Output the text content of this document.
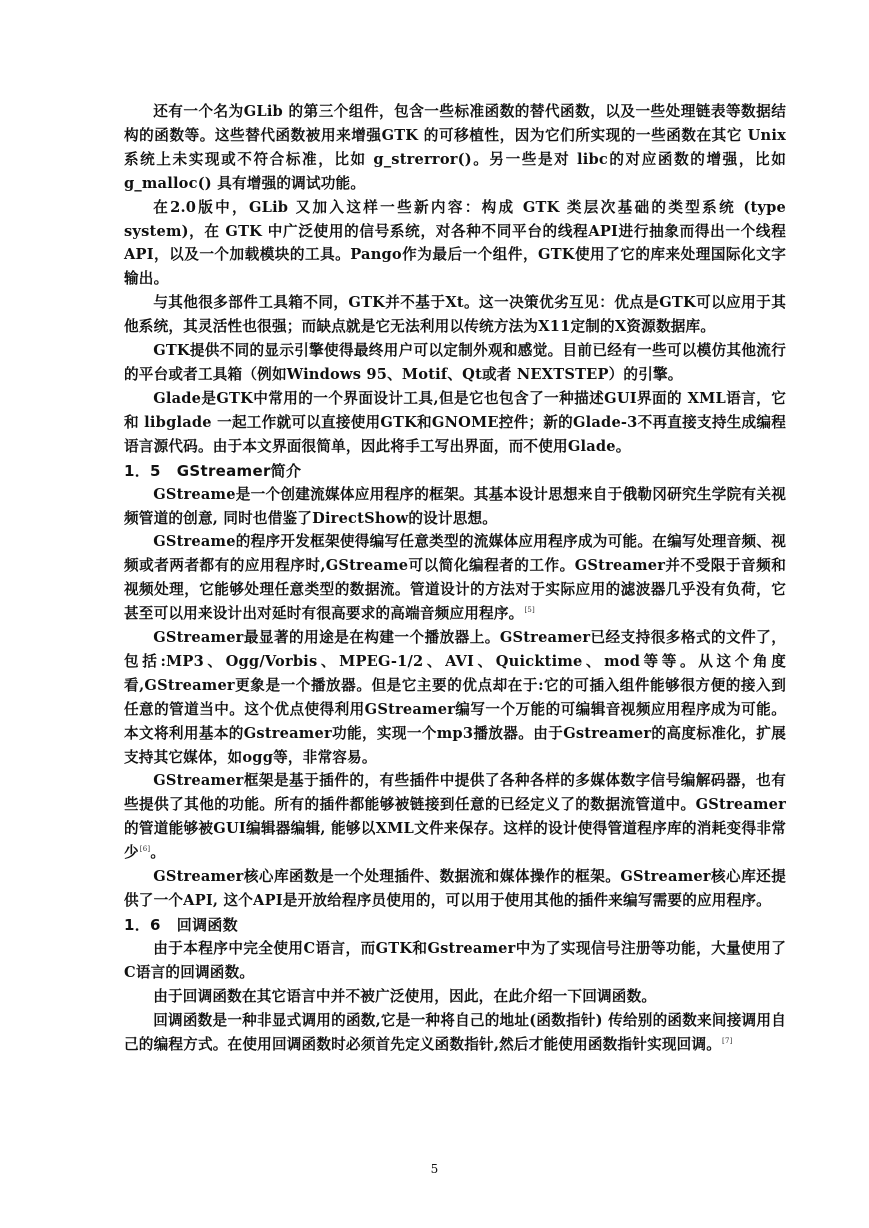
还有一个名为GLib 的第三个组件，包含一些标准函数的替代函数，以及一些处理链表等数据结构的函数等。这些替代函数被用来增强GTK 的可移植性，因为它们所实现的一些函数在其它 Unix 系统上未实现或不符合标准，比如 g_strerror()。另一些是对 libc的对应函数的增强，比如g_malloc() 具有增强的调试功能。

在2.0版中，GLib 又加入这样一些新内容：构成 GTK 类层次基础的类型系统 (type system)，在 GTK 中广泛使用的信号系统，对各种不同平台的线程API进行抽象而得出一个线程API，以及一个加载模块的工具。Pango作为最后一个组件，GTK使用了它的库来处理国际化文字输出。

与其他很多部件工具箱不同，GTK并不基于Xt。这一决策优劣互见：优点是GTK可以应用于其他系统，其灵活性也很强；而缺点就是它无法利用以传统方法为X11定制的X资源数据库。

GTK提供不同的显示引擎使得最终用户可以定制外观和感觉。目前已经有一些可以模仿其他流行的平台或者工具箱（例如Windows 95、Motif、Qt或者 NEXTSTEP）的引擎。

Glade是GTK中常用的一个界面设计工具,但是它也包含了一种描述GUI界面的 XML语言，它和 libglade 一起工作就可以直接使用GTK和GNOME控件；新的Glade-3不再直接支持生成编程语言源代码。由于本文界面很简单，因此将手工写出界面，而不使用Glade。

1．5 GStreamer简介

GStreame是一个创建流媒体应用程序的框架。其基本设计思想来自于俄勒冈研究生学院有关视频管道的创意, 同时也借鉴了DirectShow的设计思想。

GStreame的程序开发框架使得编写任意类型的流媒体应用程序成为可能。在编写处理音频、视频或者两者都有的应用程序时,GStreame可以简化编程者的工作。GStreamer并不受限于音频和视频处理，它能够处理任意类型的数据流。管道设计的方法对于实际应用的滤波器几乎没有负荷，它甚至可以用来设计出对延时有很高要求的高端音频应用程序。[5]

GStreamer最显著的用途是在构建一个播放器上。GStreamer已经支持很多格式的文件了，包括:MP3、Ogg/Vorbis、MPEG-1/2、AVI、Quicktime、mod等等。从这个角度看,GStreamer更象是一个播放器。但是它主要的优点却在于:它的可插入组件能够很方便的接入到任意的管道当中。这个优点使得利用GStreamer编写一个万能的可编辑音视频应用程序成为可能。本文将利用基本的Gstreamer功能，实现一个mp3播放器。由于Gstreamer的高度标准化，扩展支持其它媒体，如ogg等，非常容易。

GStreamer框架是基于插件的，有些插件中提供了各种各样的多媒体数字信号编解码器，也有些提供了其他的功能。所有的插件都能够被链接到任意的已经定义了的数据流管道中。GStreamer的管道能够被GUI编辑器编辑, 能够以XML文件来保存。这样的设计使得管道程序库的消耗变得非常少[6]。

GStreamer核心库函数是一个处理插件、数据流和媒体操作的框架。GStreamer核心库还提供了一个API, 这个API是开放给程序员使用的，可以用于使用其他的插件来编写需要的应用程序。

1．6 回调函数

由于本程序中完全使用C语言，而GTK和Gstreamer中为了实现信号注册等功能，大量使用了C语言的回调函数。

由于回调函数在其它语言中并不被广泛使用，因此，在此介绍一下回调函数。

回调函数是一种非显式调用的函数,它是一种将自己的地址(函数指针) 传给别的函数来间接调用自己的编程方式。在使用回调函数时必须首先定义函数指针,然后才能使用函数指针实现回调。[7]

5
